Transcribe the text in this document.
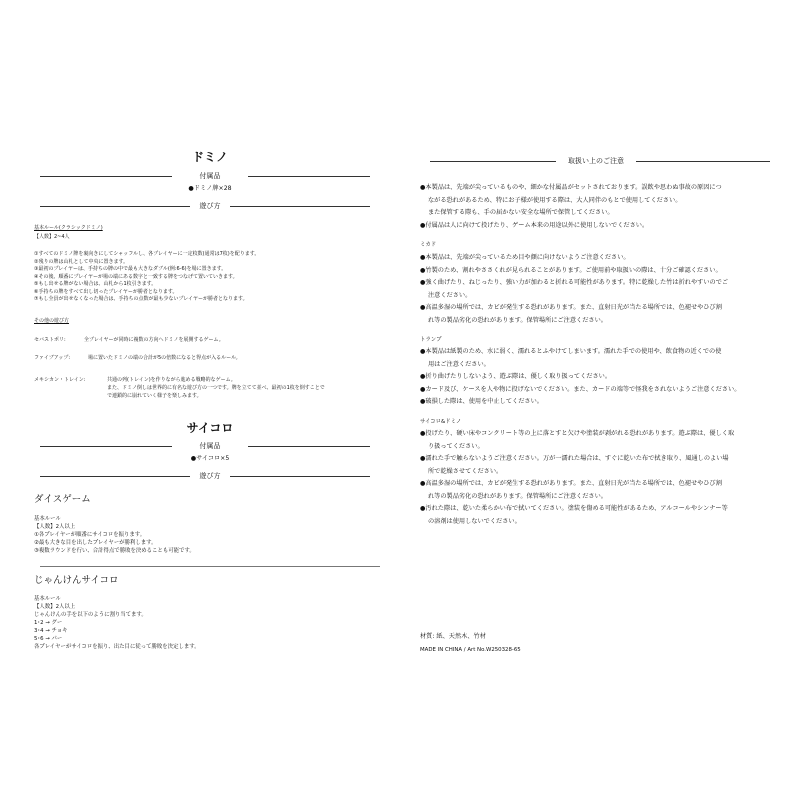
ドミノ
付属品
●ドミノ牌×28
遊び方
基本ルール(クラシックドミノ)
【人数】2~4人
①すべてのドミノ牌を裏向きにしてシャッフルし、各プレイヤーに一定枚数(通常は7枚)を配ります。
②残りの牌は山札として中央に置きます。
③最初のプレイヤーは、手持ちの牌の中で最も大きなダブル(例:6-6)を場に置きます。
④その後、順番にプレイヤーが場の端にある数字と一致する牌をつなげて置いていきます。
⑤もし出せる牌がない場合は、山札から1枚引きます。
⑥手持ちの牌をすべて出し切ったプレイヤーが勝者となります。
⑦もし全員が出せなくなった場合は、手持ちの点数が最も少ないプレイヤーが勝者となります。
その他の遊び方
セバストポリ:	全プレイヤーが同時に複数の方向へドミノを展開するゲーム。
ファイブアップ:	場に置いたドミノの端の合計が5の倍数になると得点が入るルール。
メキシカン・トレイン:	共通の列(トレイン)を作りながら進める戦略的なゲーム。
また、ドミノ倒しは世界的に有名な遊び方の一つです。牌を立てて並べ、最初の1枚を倒すことで
で連鎖的に崩れていく様子を楽しみます。
サイコロ
付属品
●サイコロ×5
遊び方
ダイスゲーム
基本ルール
【人数】2人以上
①各プレイヤーが順番にサイコロを振ります。
②最も大きな目を出したプレイヤーが勝利します。
③複数ラウンドを行い、合計得点で勝敗を決めることも可能です。
じゃんけんサイコロ
基本ルール
【人数】2人以上
じゃんけんの手を以下のように割り当てます。
1･2 → グー
3･4 → チョキ
5･6 → パー
各プレイヤーがサイコロを振り、出た目に従って勝敗を決定します。
取扱い上のご注意
●本製品は、先端が尖っているものや、細かな付属品がセットされております。誤飲や思わぬ事故の原因につ
ながる恐れがあるため、特にお子様が使用する際は、大人同伴のもとで使用してください。
また保管する際も、手の届かない安全な場所で保管してください。
●付属品は人に向けて投げたり、ゲーム本来の用途以外に使用しないでください。
ミカド
●本製品は、先端が尖っているため目や顔に向けないようご注意ください。
●竹製のため、割れやささくれが見られることがあります。ご使用前や取扱いの際は、十分ご確認ください。
●強く曲げたり、ねじったり、強い力が加わると折れる可能性があります。特に乾燥した竹は折れやすいのでご
注意ください。
●高温多湿の場所では、カビが発生する恐れがあります。また、直射日光が当たる場所では、色褪せやひび割
れ等の製品劣化の恐れがあります。保管場所にご注意ください。
トランプ
●本製品は紙製のため、水に弱く、濡れるとふやけてしまいます。濡れた手での使用や、飲食物の近くでの使
用はご注意ください。
●折り曲げたりしないよう、遊ぶ際は、優しく取り扱ってください。
●カード及び、ケースを人や物に投げないでください。また、カードの端等で怪我をされないようご注意ください。
●破損した際は、使用を中止してください。
サイコロ&ドミノ
●投げたり、硬い床やコンクリート等の上に落とすと欠けや塗装が剥がれる恐れがあります。遊ぶ際は、優しく取
り扱ってください。
●濡れた手で触らないようご注意ください。万が一濡れた場合は、すぐに乾いた布で拭き取り、風通しのよい場
所で乾燥させてください。
●高温多湿の場所では、カビが発生する恐れがあります。また、直射日光が当たる場所では、色褪せやひび割
れ等の製品劣化の恐れがあります。保管場所にご注意ください。
●汚れた際は、乾いた柔らかい布で拭いてください。塗装を傷める可能性があるため、アルコールやシンナー等
の溶剤は使用しないでください。
材質: 紙、天然木、竹材
MADE IN CHINA / Art No.W250328-65
